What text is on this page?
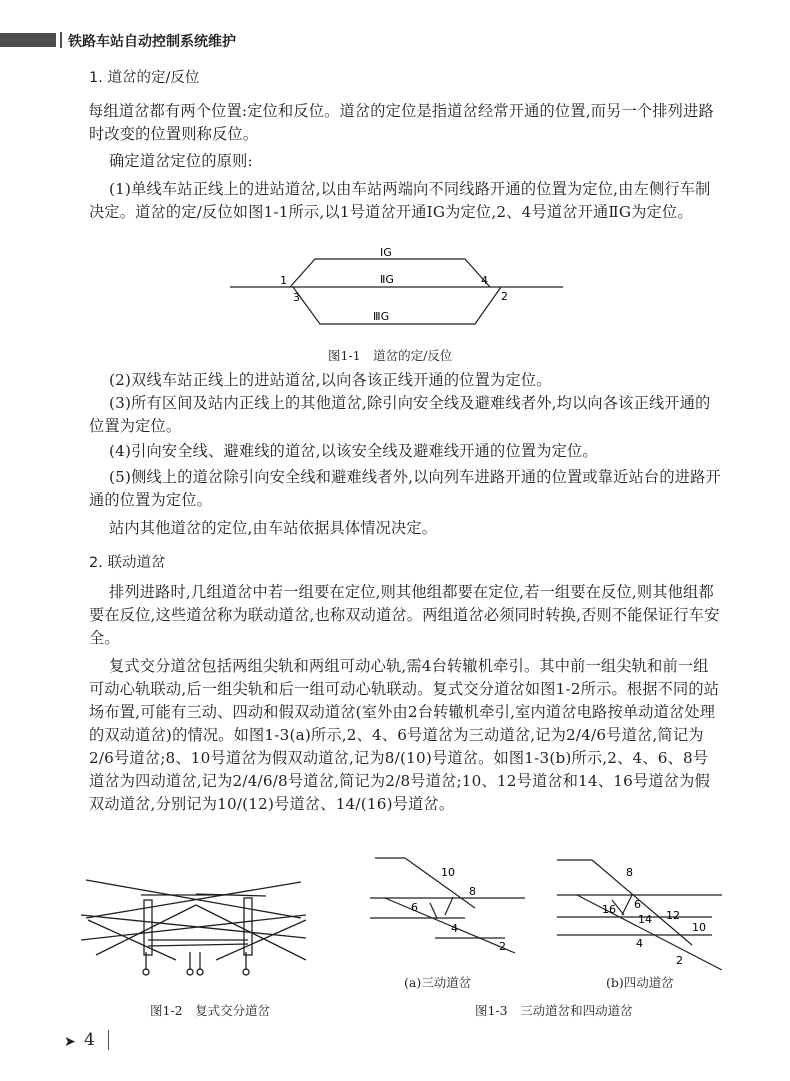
铁路车站自动控制系统维护
1. 道岔的定/反位

每组道岔都有两个位置:定位和反位。道岔的定位是指道岔经常开通的位置,而另一个排列进路时改变的位置则称反位。

确定道岔定位的原则:

(1)单线车站正线上的进站道岔,以由车站两端向不同线路开通的位置为定位,由左侧行车制决定。道岔的定/反位如图1-1所示,以1号道岔开通ⅠG为定位,2、4号道岔开通ⅡG为定位。

ⅠG
ⅡG
ⅢG
1
3
4
2
图1-1　道岔的定/反位

(2)双线车站正线上的进站道岔,以向各该正线开通的位置为定位。

(3)所有区间及站内正线上的其他道岔,除引向安全线及避难线者外,均以向各该正线开通的位置为定位。

(4)引向安全线、避难线的道岔,以该安全线及避难线开通的位置为定位。

(5)侧线上的道岔除引向安全线和避难线者外,以向列车进路开通的位置或靠近站台的进路开通的位置为定位。

站内其他道岔的定位,由车站依据具体情况决定。

2. 联动道岔

排列进路时,几组道岔中若一组要在定位,则其他组都要在定位,若一组要在反位,则其他组都要在反位,这些道岔称为联动道岔,也称双动道岔。两组道岔必须同时转换,否则不能保证行车安全。

复式交分道岔包括两组尖轨和两组可动心轨,需4台转辙机牵引。其中前一组尖轨和前一组可动心轨联动,后一组尖轨和后一组可动心轨联动。复式交分道岔如图1-2所示。根据不同的站场布置,可能有三动、四动和假双动道岔(室外由2台转辙机牵引,室内道岔电路按单动道岔处理的双动道岔)的情况。如图1-3(a)所示,2、4、6号道岔为三动道岔,记为2/4/6号道岔,简记为2/6号道岔;8、10号道岔为假双动道岔,记为8/(10)号道岔。如图1-3(b)所示,2、4、6、8号道岔为四动道岔,记为2/4/6/8号道岔,简记为2/8号道岔;10、12号道岔和14、16号道岔为假双动道岔,分别记为10/(12)号道岔、14/(16)号道岔。

图1-2　复式交分道岔
10
8
6
4
2
(a)三动道岔
8
6
16
14 12
10
4
2
(b)四动道岔
图1-3　三动道岔和四动道岔
➤ 4
